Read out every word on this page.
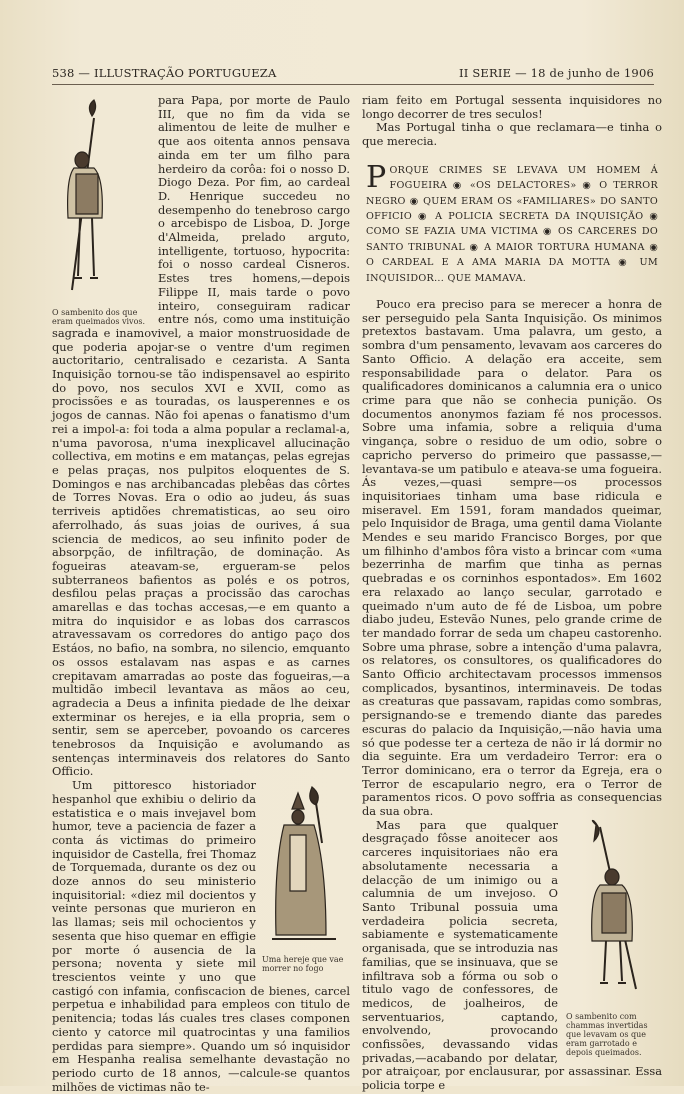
538 — ILLUSTRAÇÃO PORTUGUEZA	II SERIE — 18 de junho de 1906
O sambenito dos que eram queimados vivos.

para Papa, por morte de Paulo III, que no fim da vida se alimentou de leite de mulher e que aos oitenta annos pensava ainda em ter um filho para herdeiro da corôa: foi o nosso D. Diogo Deza. Por fim, ao cardeal D. Henrique succedeu no desempenho do tenebroso cargo o arcebispo de Lisboa, D. Jorge d'Almeida, prelado arguto, intelligente, tortuoso, hypocrita: foi o nosso cardeal Cisneros. Estes tres homens,—depois Filippe II, mais tarde o povo inteiro, conseguiram radicar entre nós, como uma instituição sagrada e inamovivel, a maior monstruosidade de que poderia apojar-se o ventre d'um regimen auctoritario, centralisado e cezarista. A Santa Inquisição tornou-se tão indispensavel ao espirito do povo, nos seculos XVI e XVII, como as procissões e as touradas, os lausperennes e os jogos de cannas. Não foi apenas o fanatismo d'um rei a impol-a: foi toda a alma popular a reclamal-a, n'uma pavorosa, n'uma inexplicavel allucinação collectiva, em motins e em matanças, pelas egrejas e pelas praças, nos pulpitos eloquentes de S. Domingos e nas archibancadas plebêas das côrtes de Torres Novas. Era o odio ao judeu, ás suas terriveis aptidões chrematisticas, ao seu oiro aferrolhado, ás suas joias de ourives, á sua sciencia de medicos, ao seu infinito poder de absorpção, de infiltração, de dominação. As fogueiras ateavam-se, ergueram-se pelos subterraneos bafientos as polés e os potros, desfilou pelas praças a procissão das carochas amarellas e das tochas accesas,—e em quanto a mitra do inquisidor e as lobas dos carrascos atravessavam os corredores do antigo paço dos Estáos, no bafio, na sombra, no silencio, emquanto os ossos estalavam nas aspas e as carnes crepitavam amarradas ao poste das fogueiras,—a multidão imbecil levantava as mãos ao ceu, agradecia a Deus a infinita piedade de lhe deixar exterminar os herejes, e ia ella propria, sem o sentir, sem se aperceber, povoando os carceres tenebrosos da Inquisição e avolumando as sentenças interminaveis dos relatores do Santo Officio.

Uma hereje que vae morrer no fogo

Um pittoresco historiador hespanhol que exhibiu o delirio da estatistica e o mais invejavel bom humor, teve a paciencia de fazer a conta ás victimas do primeiro inquisidor de Castella, frei Thomaz de Torquemada, durante os dez ou doze annos do seu ministerio inquisitorial: «diez mil docientos y veinte personas que murieron en las llamas; seis mil ochocientos y sesenta que hiso quemar en effigie por morte ó ausencia de la persona; noventa y siete mil trescientos veinte y uno que castigó con infamia, confiscacion de bienes, carcel perpetua e inhabilidad para empleos con titulo de penitencia; todas lás cuales tres clases componen ciento y catorce mil quatrocintas y una familios perdidas para siempre». Quando um só inquisidor em Hespanha realisa semelhante devastação no periodo curto de 18 annos, —calcule-se quantos milhões de victimas não te-

riam feito em Portugal sessenta inquisidores no longo decorrer de tres seculos!

Mas Portugal tinha o que reclamara—e tinha o que merecia.

P ORQUE CRIMES SE LEVAVA UM HOMEM Á FOGUEIRA ◉ «OS DELACTORES» ◉ O TERROR NEGRO ◉ QUEM ERAM OS «FAMILIARES» DO SANTO OFFICIO ◉ A POLICIA SECRETA DA INQUISIÇÃO ◉ COMO SE FAZIA UMA VICTIMA ◉ OS CARCERES DO SANTO TRIBUNAL ◉ A MAIOR TORTURA HUMANA ◉ O CARDEAL E A AMA MARIA DA MOTTA ◉ UM INQUISIDOR... QUE MAMAVA.

Pouco era preciso para se merecer a honra de ser perseguido pela Santa Inquisição. Os minimos pretextos bastavam. Uma palavra, um gesto, a sombra d'um pensamento, levavam aos carceres do Santo Officio. A delação era acceite, sem responsabilidade para o delator. Para os qualificadores dominicanos a calumnia era o unico crime para que não se conhecia punição. Os documentos anonymos faziam fé nos processos. Sobre uma infamia, sobre a reliquia d'uma vingança, sobre o residuo de um odio, sobre o capricho perverso do primeiro que passasse,—levantava-se um patibulo e ateava-se uma fogueira. Ás vezes,—quasi sempre—os processos inquisitoriaes tinham uma base ridicula e miseravel. Em 1591, foram mandados queimar, pelo Inquisidor de Braga, uma gentil dama Violante Mendes e seu marido Francisco Borges, por que um filhinho d'ambos fôra visto a brincar com «uma bezerrinha de marfim que tinha as pernas quebradas e os corninhos espontados». Em 1602 era relaxado ao lanço secular, garrotado e queimado n'um auto de fé de Lisboa, um pobre diabo judeu, Estevão Nunes, pelo grande crime de ter mandado forrar de seda um chapeu castorenho. Sobre uma phrase, sobre a intenção d'uma palavra, os relatores, os consultores, os qualificadores do Santo Officio architectavam processos immensos complicados, bysantinos, interminaveis. De todas as creaturas que passavam, rapidas como sombras, persignando-se e tremendo diante das paredes escuras do palacio da Inquisição,—não havia uma só que podesse ter a certeza de não ir lá dormir no dia seguinte. Era um verdadeiro Terror: era o Terror dominicano, era o terror da Egreja, era o Terror de escapulario negro, era o Terror de paramentos ricos. O povo soffria as consequencias da sua obra.

O sambenito com chammas invertidas que levavam os que eram garrotado e depois queimados.

Mas para que qualquer desgraçado fôsse anoitecer aos carceres inquisitoriaes não era absolutamente necessaria a delacção de um inimigo ou a calumnia de um invejoso. O Santo Tribunal possuia uma verdadeira policia secreta, sabiamente e systematicamente organisada, que se introduzia nas familias, que se insinuava, que se infiltrava sob a fórma ou sob o titulo vago de confessores, de medicos, de joalheiros, de serventuarios, captando, envolvendo, provocando confissões, devassando vidas privadas,—acabando por delatar, por atraiçoar, por enclausurar, por assassinar. Essa policia torpe e
